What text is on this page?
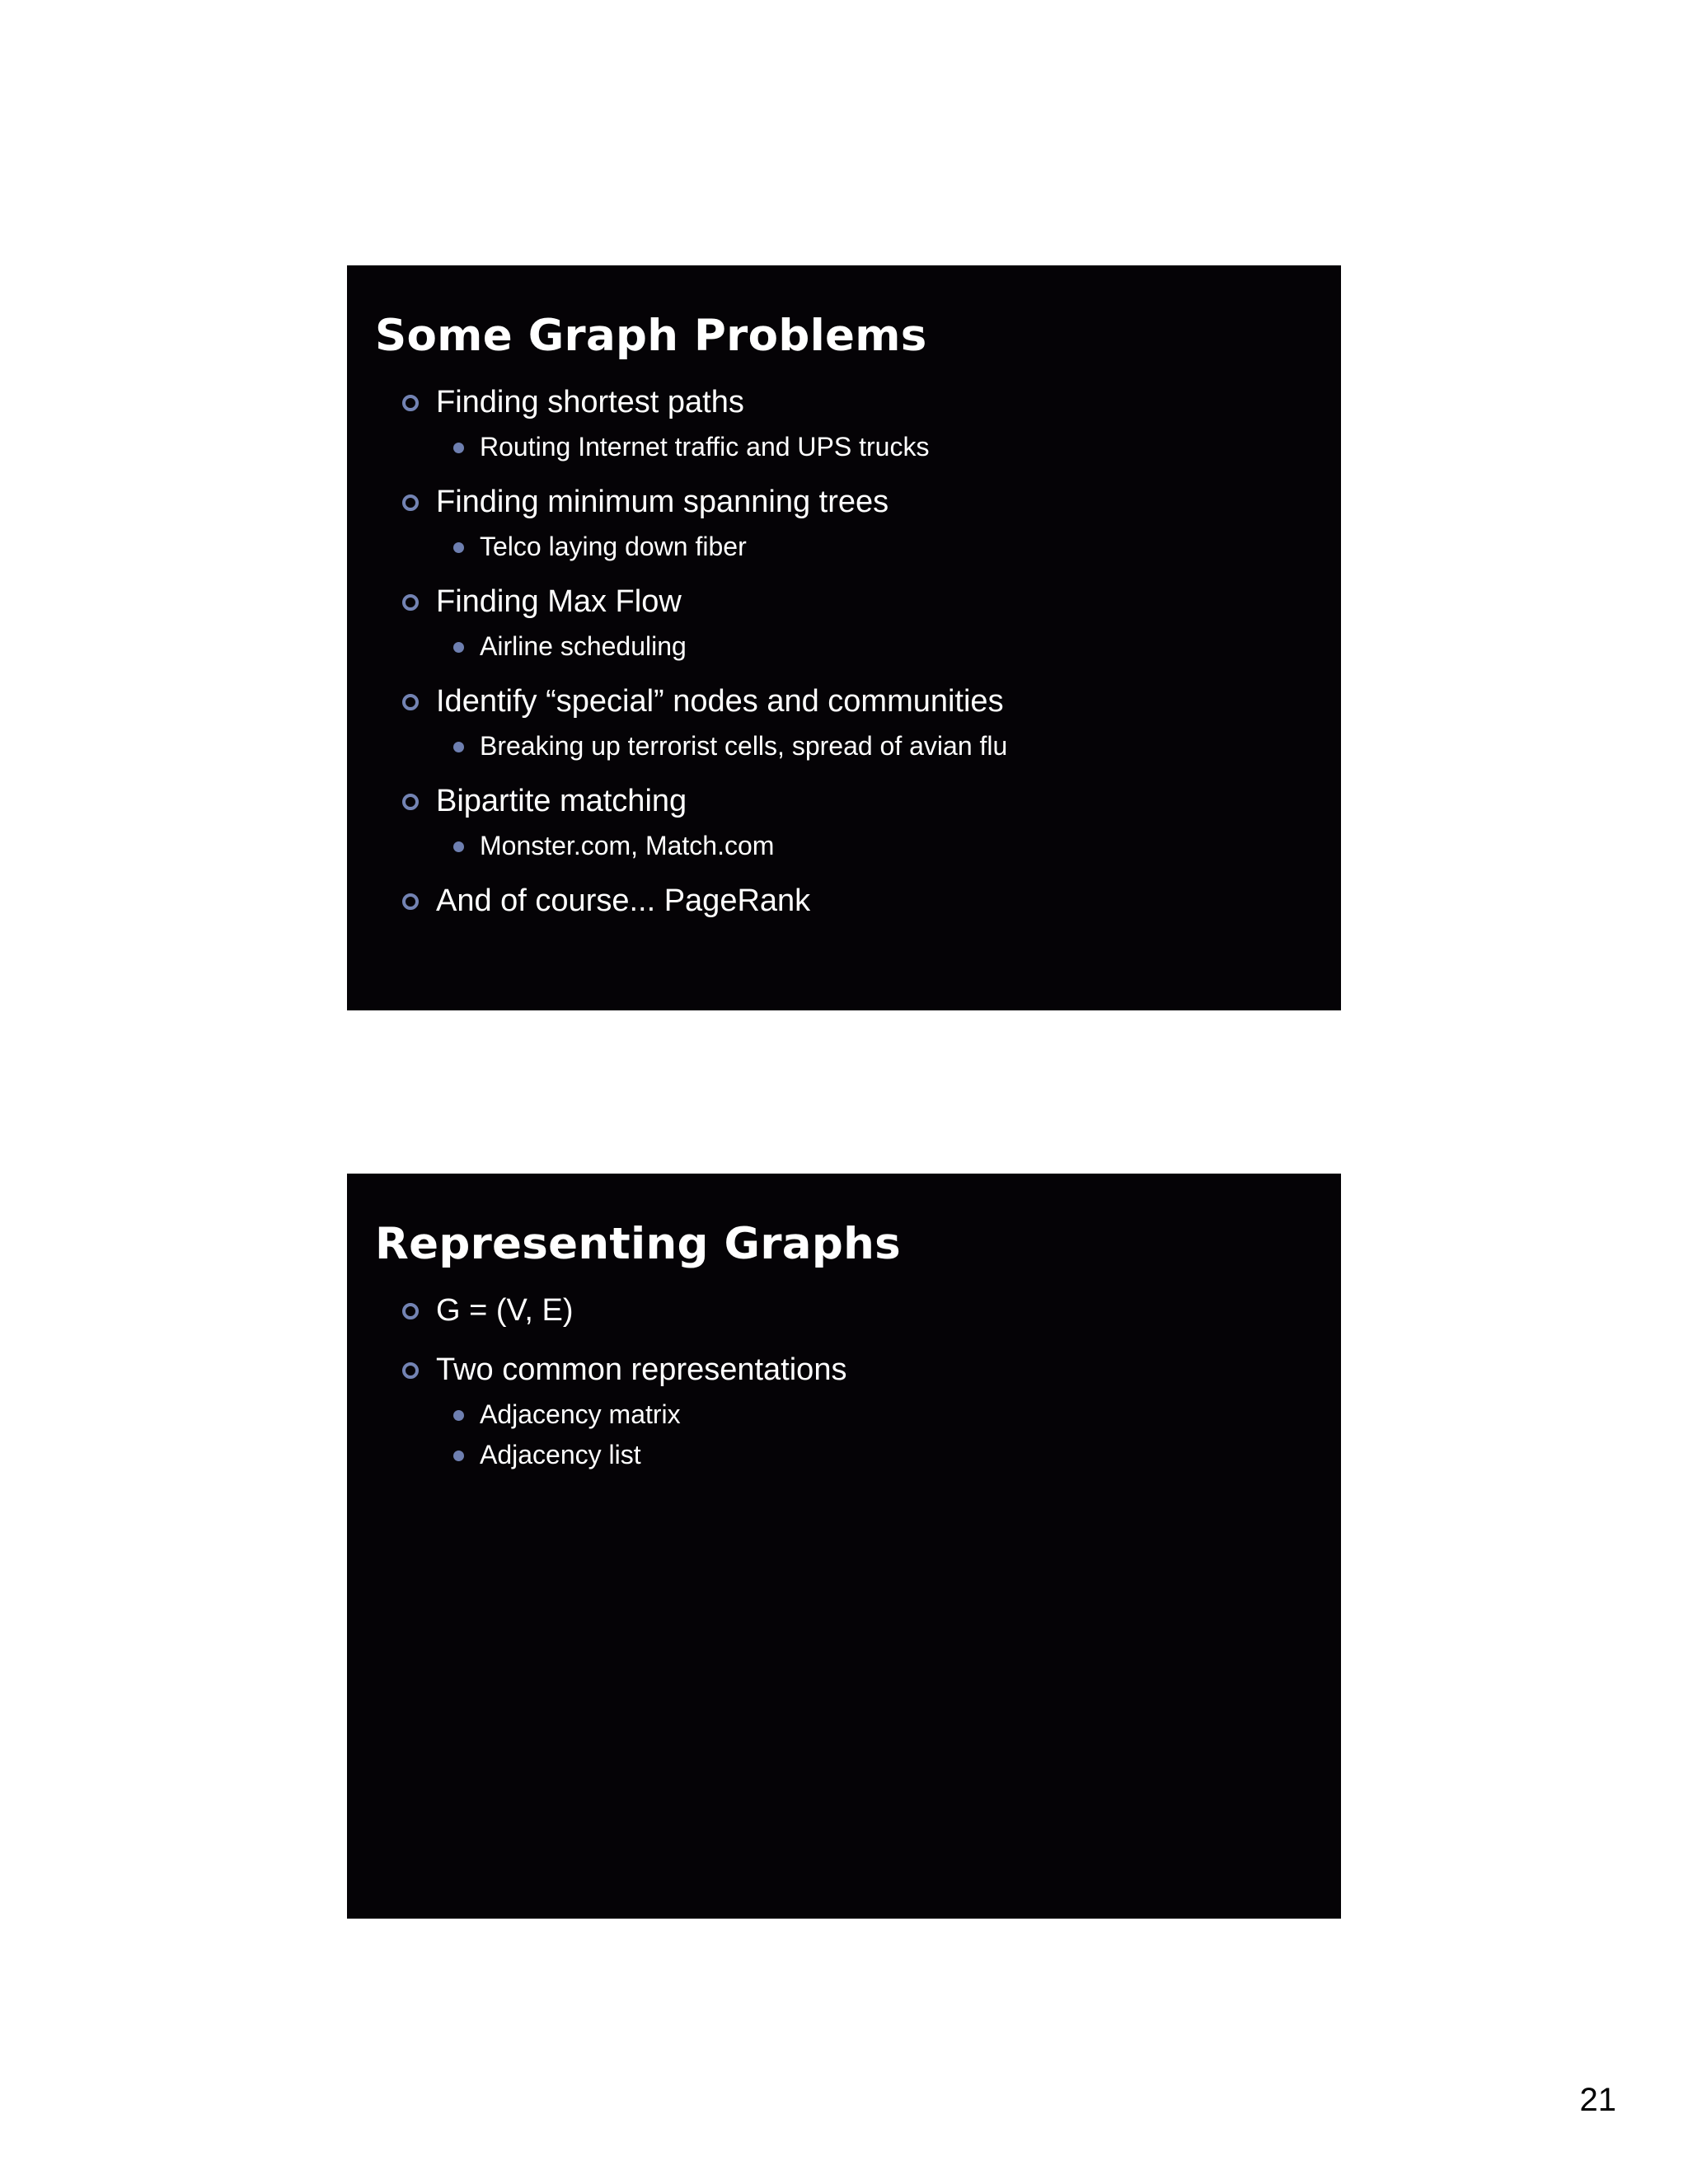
Some Graph Problems
Finding shortest paths
Routing Internet traffic and UPS trucks
Finding minimum spanning trees
Telco laying down fiber
Finding Max Flow
Airline scheduling
Identify “special” nodes and communities
Breaking up terrorist cells, spread of avian flu
Bipartite matching
Monster.com, Match.com
And of course... PageRank
Representing Graphs
G = (V, E)
Two common representations
Adjacency matrix
Adjacency list
21
